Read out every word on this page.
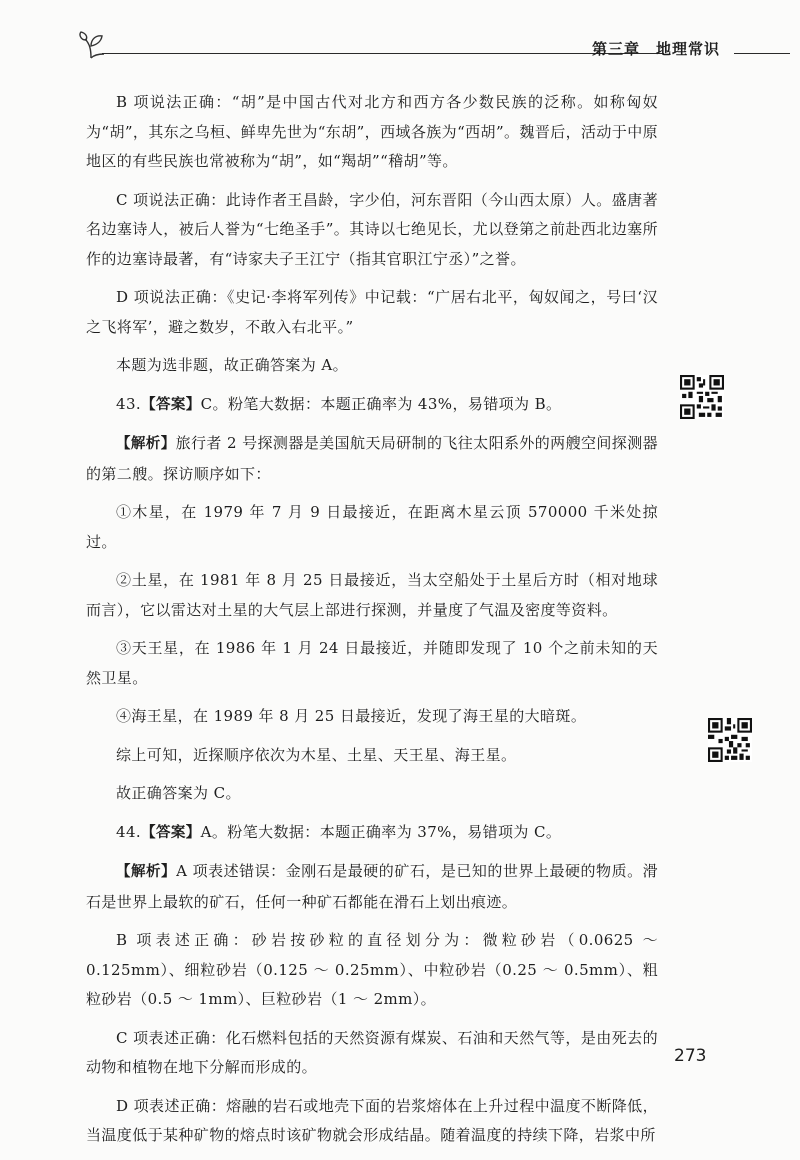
第三章　地理常识

B 项说法正确：“胡”是中国古代对北方和西方各少数民族的泛称。如称匈奴为“胡”，其东之乌桓、鲜卑先世为“东胡”，西域各族为“西胡”。魏晋后，活动于中原地区的有些民族也常被称为“胡”，如“羯胡”“稽胡”等。

C 项说法正确：此诗作者王昌龄，字少伯，河东晋阳（今山西太原）人。盛唐著名边塞诗人，被后人誉为“七绝圣手”。其诗以七绝见长，尤以登第之前赴西北边塞所作的边塞诗最著，有“诗家夫子王江宁（指其官职江宁丞）”之誉。

D 项说法正确：《史记·李将军列传》中记载：“广居右北平，匈奴闻之，号曰‘汉之飞将军’，避之数岁，不敢入右北平。”

本题为选非题，故正确答案为 A。

43.【答案】C。粉笔大数据：本题正确率为 43%，易错项为 B。

【解析】旅行者 2 号探测器是美国航天局研制的飞往太阳系外的两艘空间探测器的第二艘。探访顺序如下：

①木星，在 1979 年 7 月 9 日最接近，在距离木星云顶 570000 千米处掠过。

②土星，在 1981 年 8 月 25 日最接近，当太空船处于土星后方时（相对地球而言），它以雷达对土星的大气层上部进行探测，并量度了气温及密度等资料。

③天王星，在 1986 年 1 月 24 日最接近，并随即发现了 10 个之前未知的天然卫星。

④海王星，在 1989 年 8 月 25 日最接近，发现了海王星的大暗斑。

综上可知，近探顺序依次为木星、土星、天王星、海王星。

故正确答案为 C。

44.【答案】A。粉笔大数据：本题正确率为 37%，易错项为 C。

【解析】A 项表述错误：金刚石是最硬的矿石，是已知的世界上最硬的物质。滑石是世界上最软的矿石，任何一种矿石都能在滑石上划出痕迹。

B 项表述正确：砂岩按砂粒的直径划分为：微粒砂岩（0.0625 ～ 0.125mm）、细粒砂岩（0.125 ～ 0.25mm）、中粒砂岩（0.25 ～ 0.5mm）、粗粒砂岩（0.5 ～ 1mm）、巨粒砂岩（1 ～ 2mm）。

C 项表述正确：化石燃料包括的天然资源有煤炭、石油和天然气等，是由死去的动物和植物在地下分解而形成的。

D 项表述正确：熔融的岩石或地壳下面的岩浆熔体在上升过程中温度不断降低，当温度低于某种矿物的熔点时该矿物就会形成结晶。随着温度的持续下降，岩浆中所

273
